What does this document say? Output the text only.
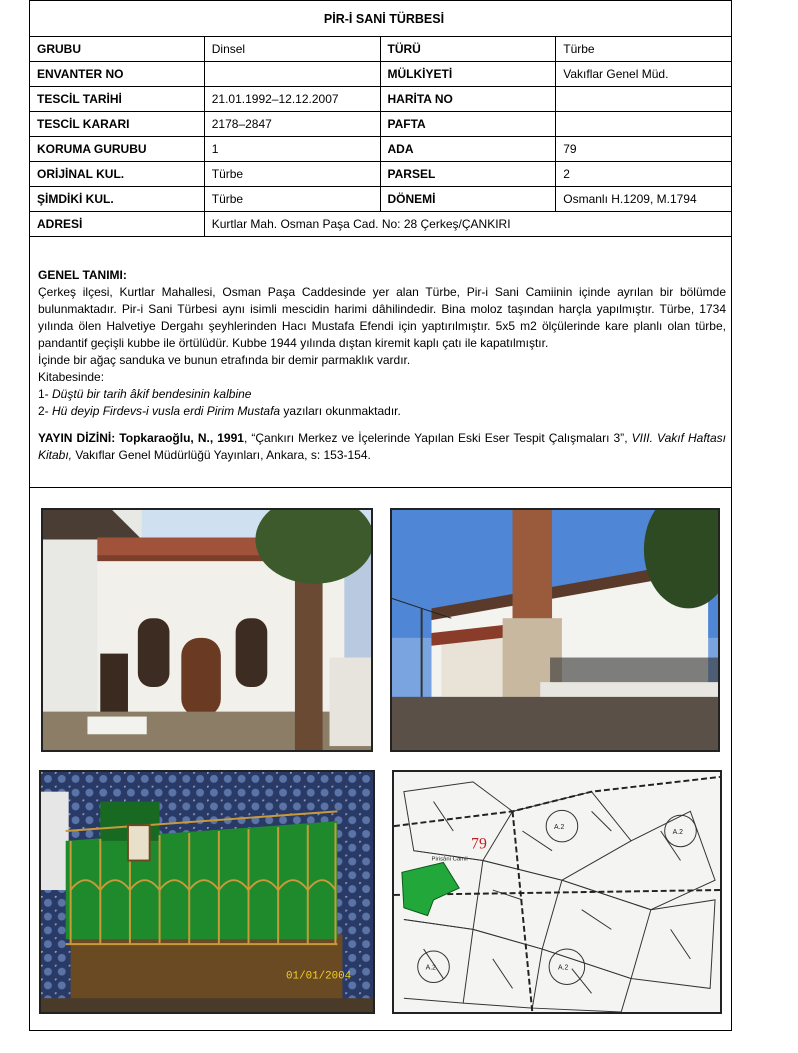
PİR-İ SANİ TÜRBESİ			
GRUBU	Dinsel	TÜRÜ	Türbe
ENVANTER NO		MÜLKİYETİ	Vakıflar Genel Müd.
TESCİL TARİHİ	21.01.1992–12.12.2007	HARİTA NO	
TESCİL KARARI	2178–2847	PAFTA	
KORUMA GURUBU	1	ADA	79
ORİJİNAL KUL.	Türbe	PARSEL	2
ŞİMDİKİ KUL.	Türbe	DÖNEMİ	Osmanlı H.1209, M.1794
ADRESİ	Kurtlar Mah. Osman Paşa Cad. No: 28 Çerkeş/ÇANKIRI		

GENEL TANIMI:

Çerkeş ilçesi, Kurtlar Mahallesi, Osman Paşa Caddesinde yer alan Türbe, Pir-i Sani Camiinin içinde ayrılan bir bölümde bulunmaktadır. Pir-i Sani Türbesi aynı isimli mescidin harimi dâhilindedir. Bina moloz taşından harçla yapılmıştır. Türbe, 1734 yılında ölen Halvetiye Dergahı şeyhlerinden Hacı Mustafa Efendi için yaptırılmıştır. 5x5 m2 ölçülerinde kare planlı olan türbe, pandantif geçişli kubbe ile örtülüdür. Kubbe 1944 yılında dıştan kiremit kaplı çatı ile kapatılmıştır.

İçinde bir ağaç sanduka ve bunun etrafında bir demir parmaklık vardır.

Kitabesinde:

1- Düştü bir tarih âkif bendesinin kalbine

2- Hü deyip Firdevs-i vusla erdi Pirim Mustafa yazıları okunmaktadır.

YAYIN DİZİNİ: Topkaraoğlu, N., 1991, “Çankırı Merkez ve İçelerinde Yapılan Eski Eser Tespit Çalışmaları 3”, VIII. Vakıf Haftası Kitabı, Vakıflar Genel Müdürlüğü Yayınları, Ankara, s: 153-154.

01/01/2004
79
Pirisâni Camii
A.2
A.2
A.2
A.2
